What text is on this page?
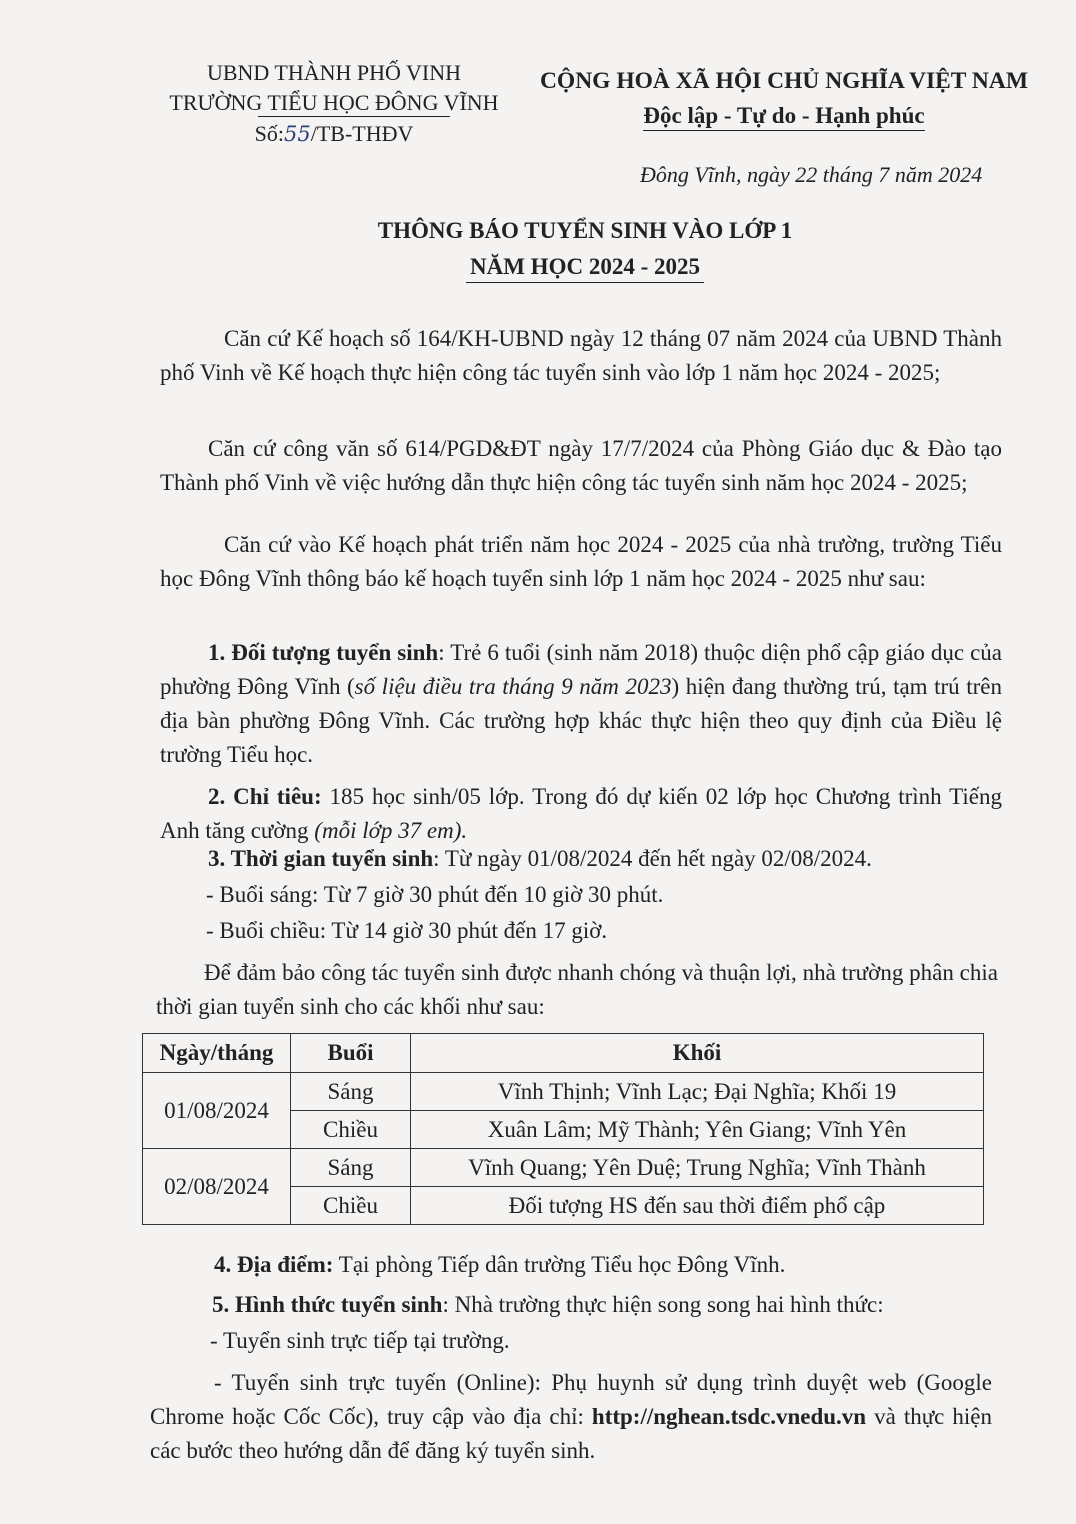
UBND THÀNH PHỐ VINH
TRƯỜNG TIỂU HỌC ĐÔNG VĨNH
Số:55/TB-THĐV
CỘNG HOÀ XÃ HỘI CHỦ NGHĨA VIỆT NAM
Độc lập - Tự do - Hạnh phúc
Đông Vĩnh, ngày 22 tháng 7 năm 2024
THÔNG BÁO TUYỂN SINH VÀO LỚP 1
NĂM HỌC 2024 - 2025

Căn cứ Kế hoạch số 164/KH-UBND ngày 12 tháng 07 năm 2024 của UBND Thành phố Vinh về Kế hoạch thực hiện công tác tuyển sinh vào lớp 1 năm học 2024 - 2025;

Căn cứ công văn số 614/PGD&ĐT ngày 17/7/2024 của Phòng Giáo dục & Đào tạo Thành phố Vinh về việc hướng dẫn thực hiện công tác tuyển sinh năm học 2024 - 2025;

Căn cứ vào Kế hoạch phát triển năm học 2024 - 2025 của nhà trường, trường Tiểu học Đông Vĩnh thông báo kế hoạch tuyển sinh lớp 1 năm học 2024 - 2025 như sau:

1. Đối tượng tuyển sinh: Trẻ 6 tuổi (sinh năm 2018) thuộc diện phổ cập giáo dục của phường Đông Vĩnh (số liệu điều tra tháng 9 năm 2023) hiện đang thường trú, tạm trú trên địa bàn phường Đông Vĩnh. Các trường hợp khác thực hiện theo quy định của Điều lệ trường Tiểu học.

2. Chỉ tiêu: 185 học sinh/05 lớp. Trong đó dự kiến 02 lớp học Chương trình Tiếng Anh tăng cường (mỗi lớp 37 em).

3. Thời gian tuyển sinh: Từ ngày 01/08/2024 đến hết ngày 02/08/2024.
- Buổi sáng: Từ 7 giờ 30 phút đến 10 giờ 30 phút.
- Buổi chiều: Từ 14 giờ 30 phút đến 17 giờ.

Để đảm bảo công tác tuyển sinh được nhanh chóng và thuận lợi, nhà trường phân chia thời gian tuyển sinh cho các khối như sau:

Ngày/tháng	Buổi	Khối
01/08/2024	Sáng	Vĩnh Thịnh; Vĩnh Lạc; Đại Nghĩa; Khối 19
	Chiều	Xuân Lâm; Mỹ Thành; Yên Giang; Vĩnh Yên
02/08/2024	Sáng	Vĩnh Quang; Yên Duệ; Trung Nghĩa; Vĩnh Thành
	Chiều	Đối tượng HS đến sau thời điểm phổ cập
4. Địa điểm: Tại phòng Tiếp dân trường Tiểu học Đông Vĩnh.
5. Hình thức tuyển sinh: Nhà trường thực hiện song song hai hình thức:
- Tuyển sinh trực tiếp tại trường.

- Tuyển sinh trực tuyến (Online): Phụ huynh sử dụng trình duyệt web (Google Chrome hoặc Cốc Cốc), truy cập vào địa chỉ: http://nghean.tsdc.vnedu.vn và thực hiện các bước theo hướng dẫn để đăng ký tuyển sinh.
